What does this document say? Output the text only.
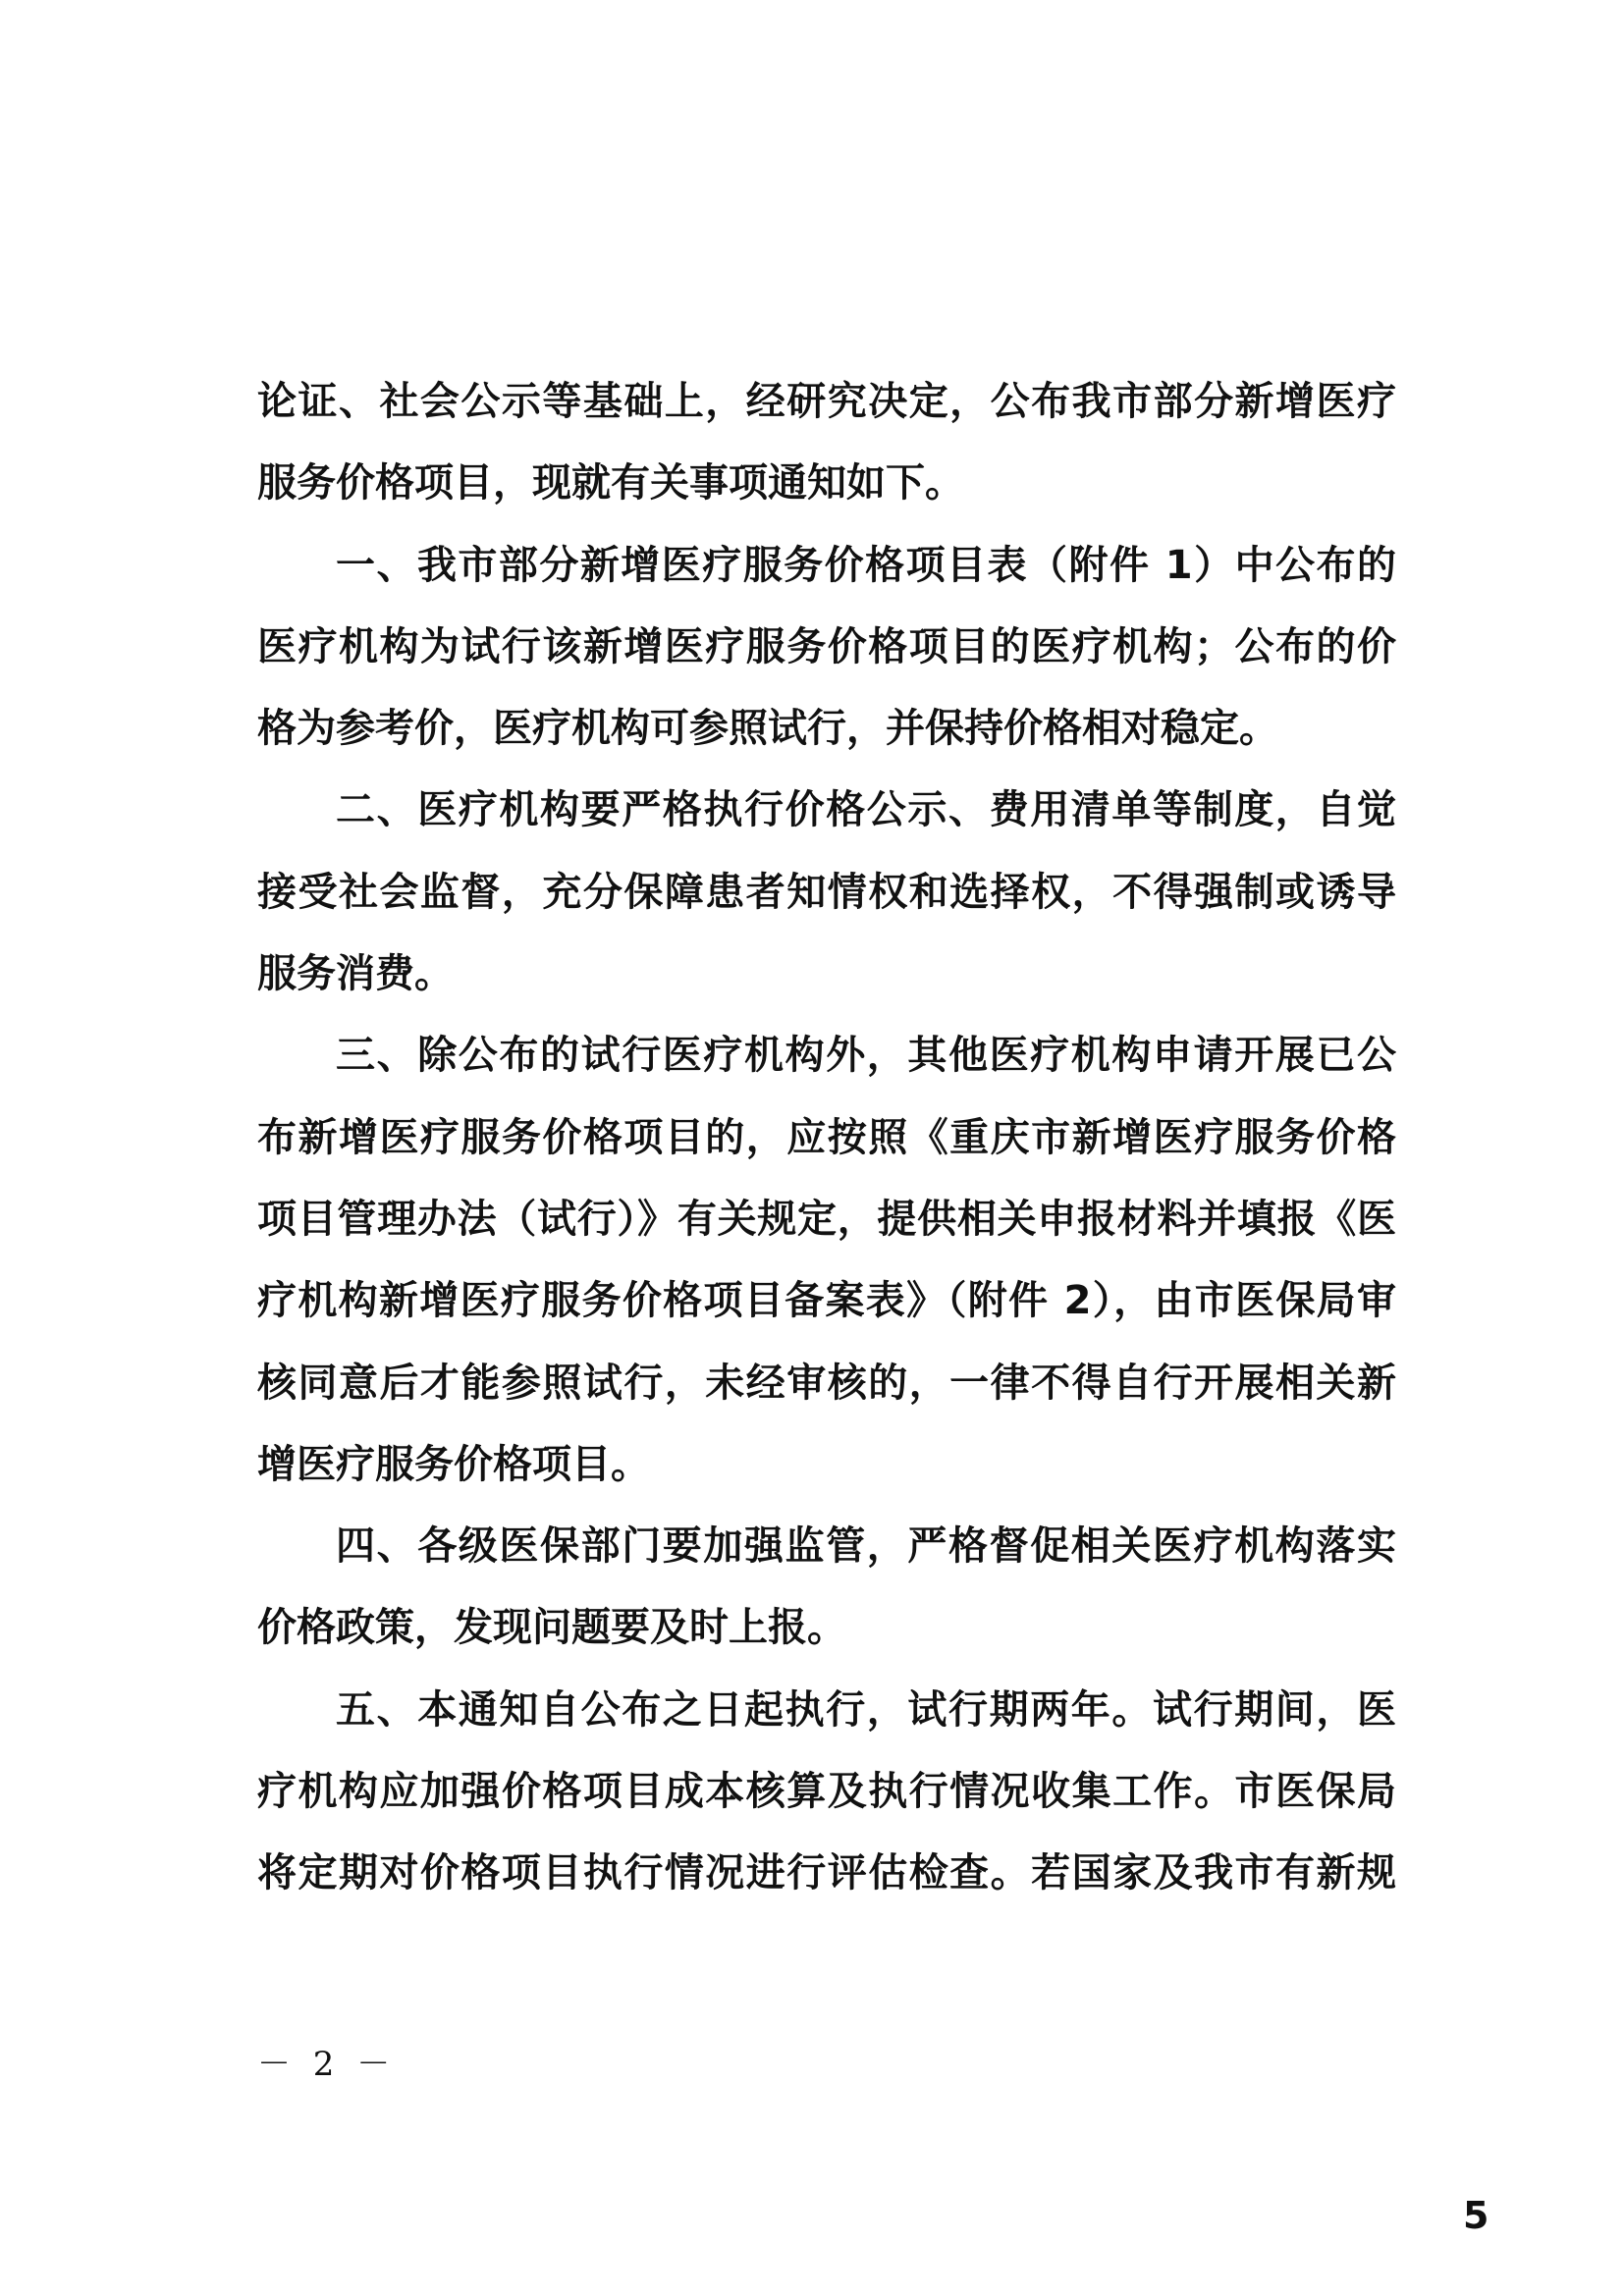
论证、社会公示等基础上，经研究决定，公布我市部分新增医疗
服务价格项目，现就有关事项通知如下。
一、我市部分新增医疗服务价格项目表（附件 1）中公布的
医疗机构为试行该新增医疗服务价格项目的医疗机构；公布的价
格为参考价，医疗机构可参照试行，并保持价格相对稳定。
二、医疗机构要严格执行价格公示、费用清单等制度，自觉
接受社会监督，充分保障患者知情权和选择权，不得强制或诱导
服务消费。
三、除公布的试行医疗机构外，其他医疗机构申请开展已公
布新增医疗服务价格项目的，应按照《重庆市新增医疗服务价格
项目管理办法（试行）》有关规定，提供相关申报材料并填报《医
疗机构新增医疗服务价格项目备案表》（附件 2），由市医保局审
核同意后才能参照试行，未经审核的，一律不得自行开展相关新
增医疗服务价格项目。
四、各级医保部门要加强监管，严格督促相关医疗机构落实
价格政策，发现问题要及时上报。
五、本通知自公布之日起执行，试行期两年。试行期间，医
疗机构应加强价格项目成本核算及执行情况收集工作。市医保局
将定期对价格项目执行情况进行评估检查。若国家及我市有新规
－ 2 －
5
